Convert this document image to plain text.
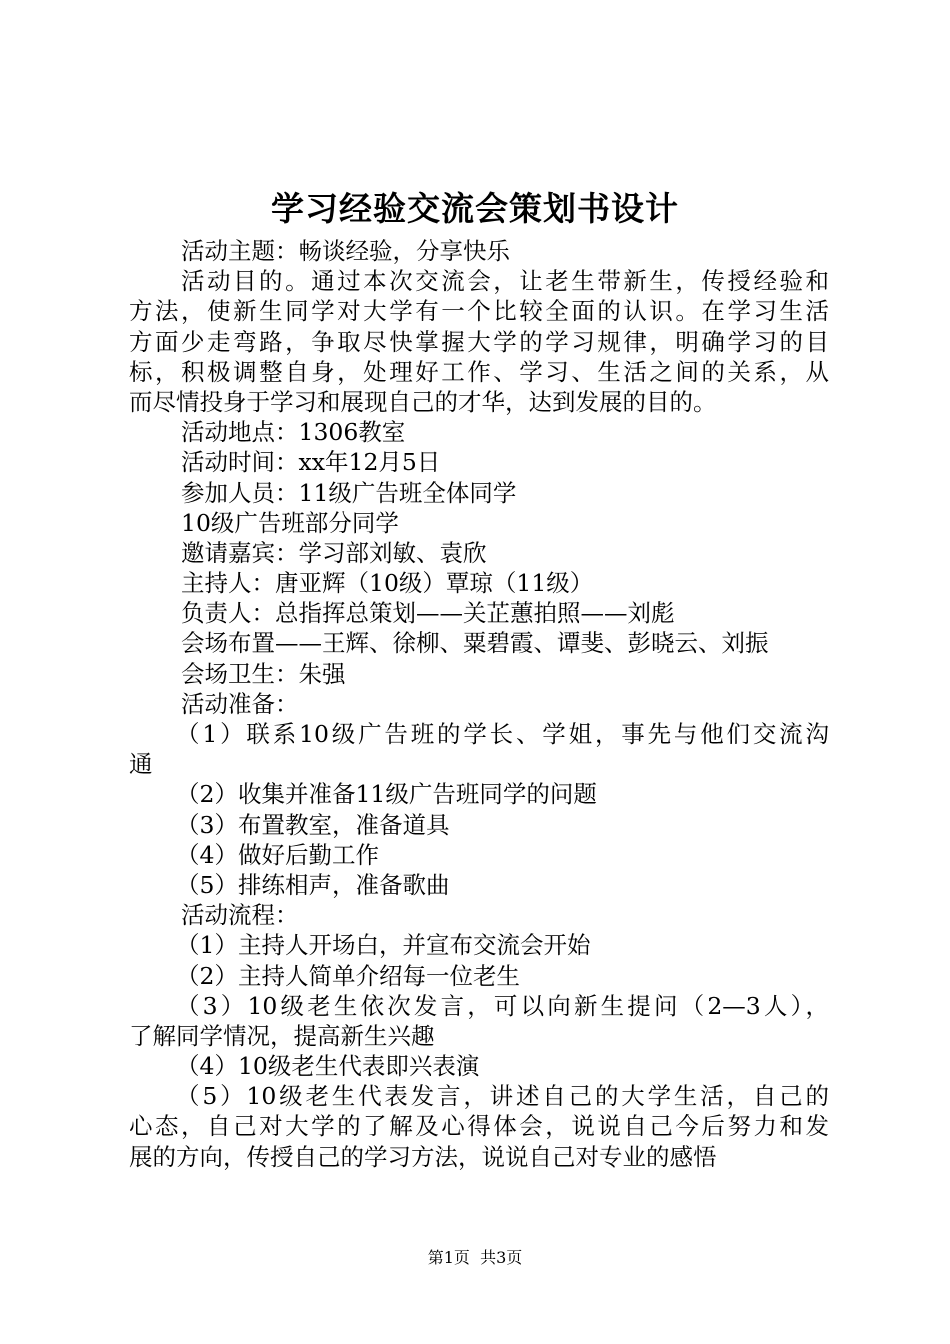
学习经验交流会策划书设计
活动主题：畅谈经验，分享快乐
活动目的。通过本次交流会，让老生带新生，传授经验和
方法，使新生同学对大学有一个比较全面的认识。在学习生活
方面少走弯路，争取尽快掌握大学的学习规律，明确学习的目
标，积极调整自身，处理好工作、学习、生活之间的关系，从
而尽情投身于学习和展现自己的才华，达到发展的目的。
活动地点：1306教室
活动时间：xx年12月5日
参加人员：11级广告班全体同学
10级广告班部分同学
邀请嘉宾：学习部刘敏、袁欣
主持人：唐亚辉（10级）覃琼（11级）
负责人：总指挥总策划——关芷蕙拍照——刘彪
会场布置——王辉、徐柳、粟碧霞、谭斐、彭晓云、刘振
会场卫生：朱强
活动准备：
（1）联系10级广告班的学长、学姐，事先与他们交流沟
通
（2）收集并准备11级广告班同学的问题
（3）布置教室，准备道具
（4）做好后勤工作
（5）排练相声，准备歌曲
活动流程：
（1）主持人开场白，并宣布交流会开始
（2）主持人简单介绍每一位老生
（3）10级老生依次发言，可以向新生提问（2—3人），
了解同学情况，提高新生兴趣
（4）10级老生代表即兴表演
（5）10级老生代表发言，讲述自己的大学生活，自己的
心态，自己对大学的了解及心得体会，说说自己今后努力和发
展的方向，传授自己的学习方法，说说自己对专业的感悟
第1页  共3页
